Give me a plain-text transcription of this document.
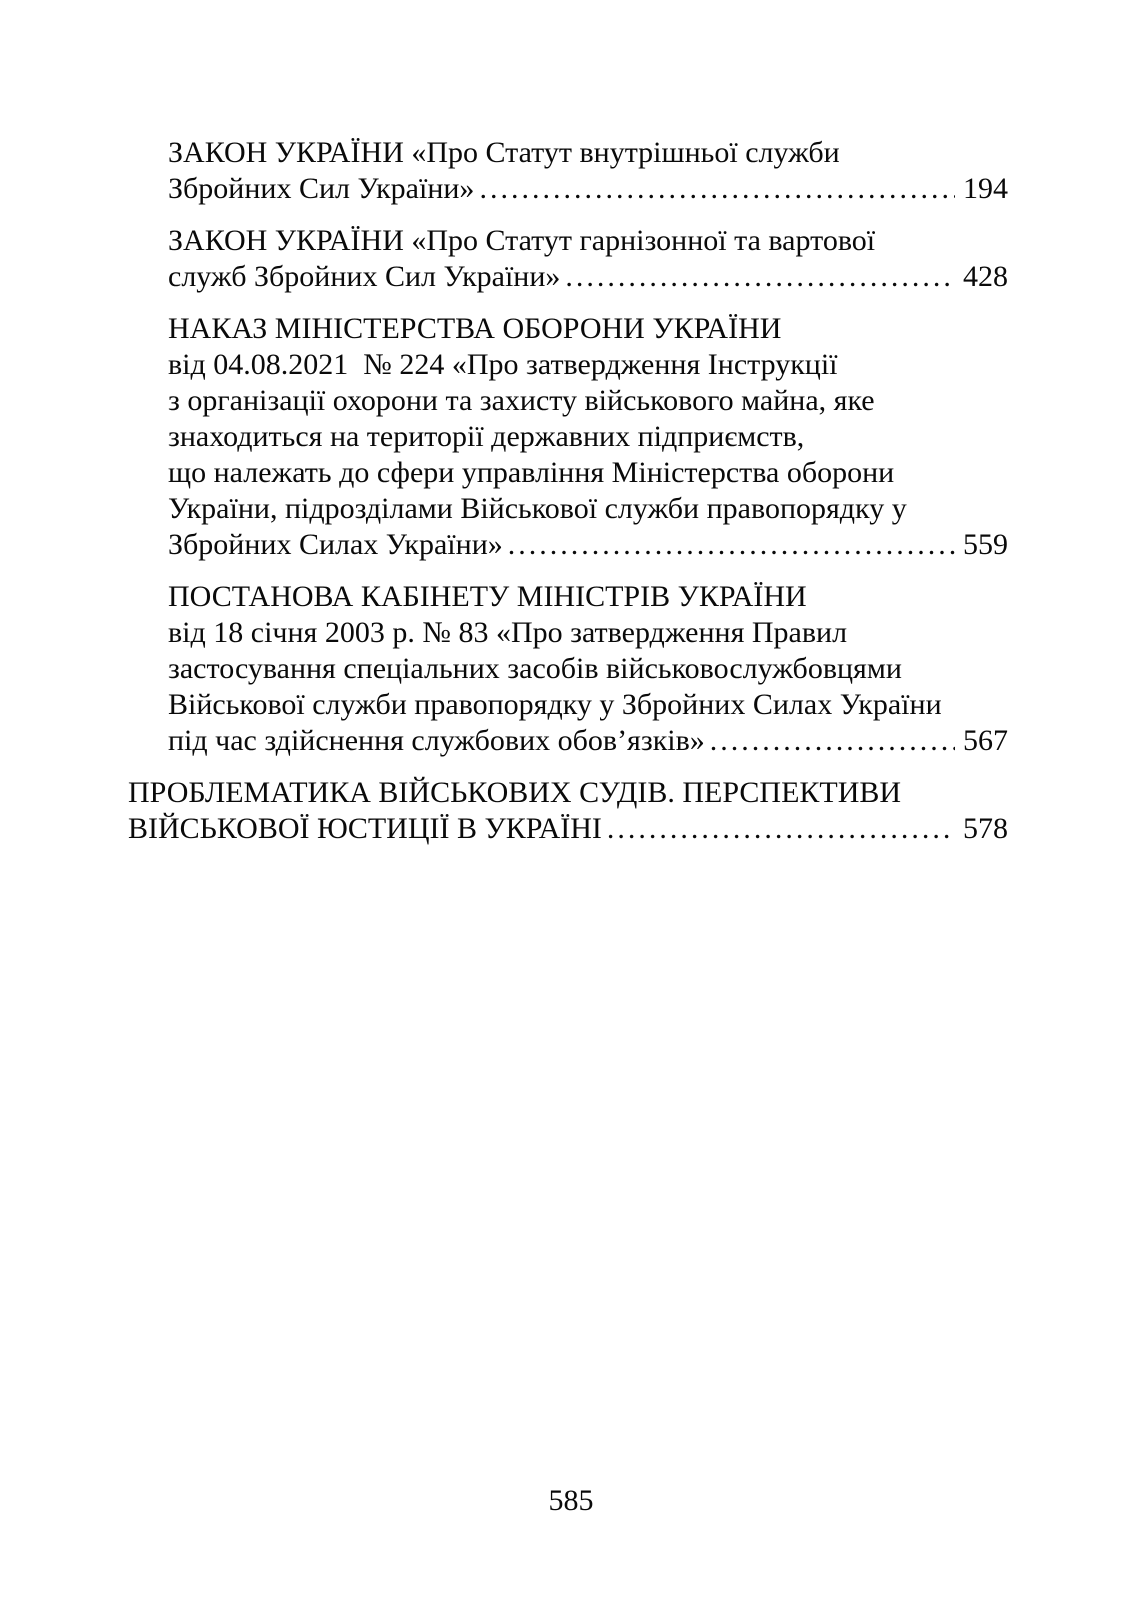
ЗАКОН УКРАЇНИ «Про Статут внутрішньої служби
Збройних Сил України» .....	194
ЗАКОН УКРАЇНИ «Про Статут гарнізонної та вартової
служб Збройних Сил України» .....	428
НАКАЗ МІНІСТЕРСТВА ОБОРОНИ УКРАЇНИ
від 04.08.2021  № 224 «Про затвердження Інструкції
з організації охорони та захисту військового майна, яке
знаходиться на території державних підприємств,
що належать до сфери управління Міністерства оборони
України, підрозділами Військової служби правопорядку у
Збройних Силах України» .....	559
ПОСТАНОВА КАБІНЕТУ МІНІСТРІВ УКРАЇНИ
від 18 січня 2003 р. № 83 «Про затвердження Правил
застосування спеціальних засобів військовослужбовцями
Військової служби правопорядку у Збройних Силах України
під час здійснення службових обов’язків» .....	567
ПРОБЛЕМАТИКА ВІЙСЬКОВИХ СУДІВ. ПЕРСПЕКТИВИ
ВІЙСЬКОВОЇ ЮСТИЦІЇ В УКРАЇНІ .....	578
585
